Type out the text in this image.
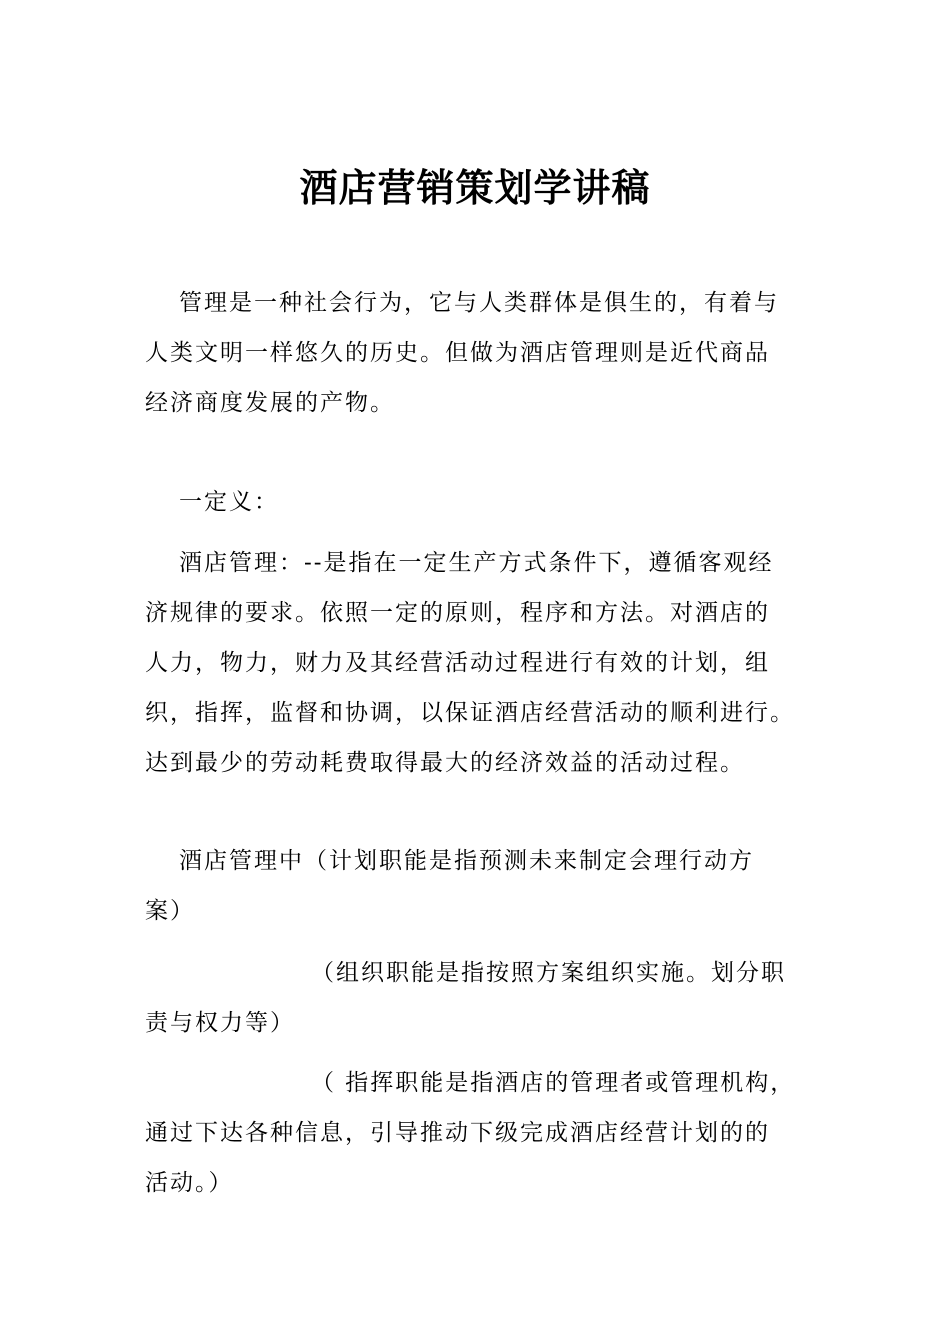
酒店营销策划学讲稿
管理是一种社会行为，它与人类群体是俱生的，有着与
人类文明一样悠久的历史。但做为酒店管理则是近代商品
经济商度发展的产物。
一定义：
酒店管理：--是指在一定生产方式条件下，遵循客观经
济规律的要求。依照一定的原则，程序和方法。对酒店的
人力，物力，财力及其经营活动过程进行有效的计划，组
织，指挥，监督和协调，以保证酒店经营活动的顺利进行。
达到最少的劳动耗费取得最大的经济效益的活动过程。
酒店管理中（计划职能是指预测未来制定会理行动方
案）
（组织职能是指按照方案组织实施。划分职
责与权力等）
（ 指挥职能是指酒店的管理者或管理机构，
通过下达各种信息，引导推动下级完成酒店经营计划的的
活动。）
